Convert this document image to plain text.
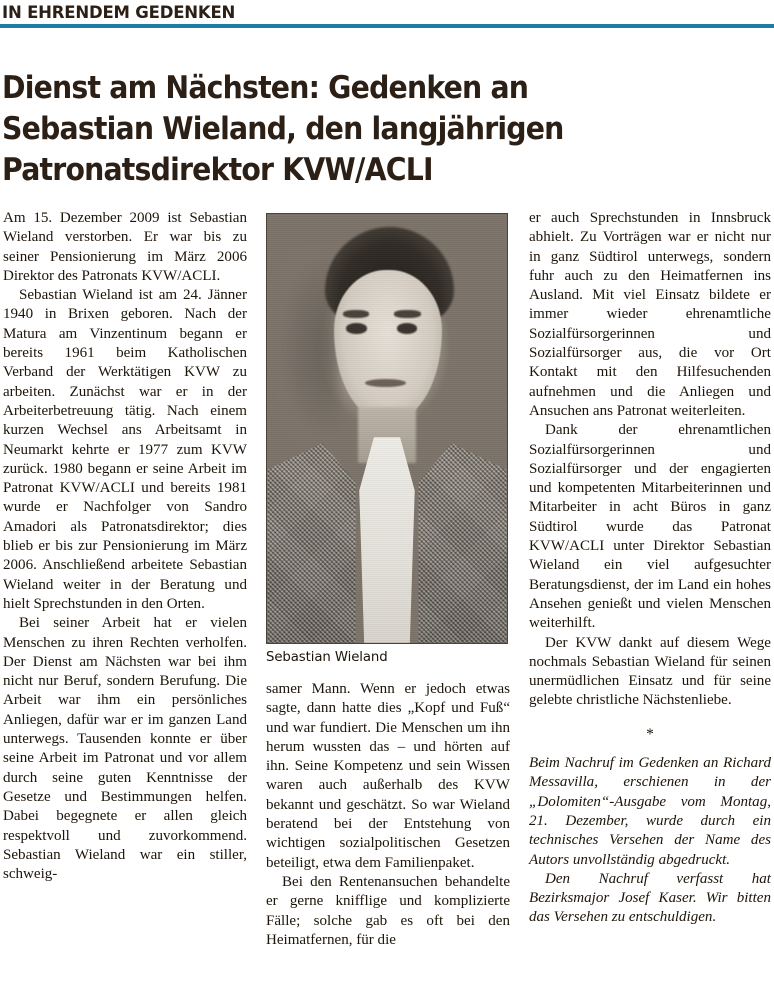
IN EHRENDEM GEDENKEN
Dienst am Nächsten: Gedenken an
Sebastian Wieland, den langjährigen
Patronatsdirektor KVW/ACLI

Am 15. Dezember 2009 ist Sebastian Wieland verstorben. Er war bis zu seiner Pensionierung im März 2006 Direktor des Patronats KVW/ACLI.

Sebastian Wieland ist am 24. Jänner 1940 in Brixen geboren. Nach der Matura am Vinzentinum begann er bereits 1961 beim Katholischen Verband der Werktätigen KVW zu arbeiten. Zunächst war er in der Arbeiterbetreuung tätig. Nach einem kurzen Wechsel ans Arbeitsamt in Neumarkt kehrte er 1977 zum KVW zurück. 1980 begann er seine Arbeit im Patronat KVW/ACLI und bereits 1981 wurde er Nachfolger von Sandro Amadori als Patronatsdirektor; dies blieb er bis zur Pensionierung im März 2006. Anschließend arbeitete Sebastian Wieland weiter in der Beratung und hielt Sprechstunden in den Orten.

Bei seiner Arbeit hat er vielen Menschen zu ihren Rechten verholfen. Der Dienst am Nächsten war bei ihm nicht nur Beruf, sondern Berufung. Die Arbeit war ihm ein persönliches Anliegen, dafür war er im ganzen Land unterwegs. Tausenden konnte er über seine Arbeit im Patronat und vor allem durch seine guten Kenntnisse der Gesetze und Bestimmungen helfen. Dabei begegnete er allen gleich respektvoll und zuvorkommend. Sebastian Wieland war ein stiller, schweig-

er auch Sprechstunden in Innsbruck abhielt. Zu Vorträgen war er nicht nur in ganz Südtirol unterwegs, sondern fuhr auch zu den Heimatfernen ins Ausland. Mit viel Einsatz bildete er immer wieder ehrenamtliche Sozialfürsorgerinnen und Sozialfürsorger aus, die vor Ort Kontakt mit den Hilfesuchenden aufnehmen und die Anliegen und Ansuchen ans Patronat weiterleiten.

Dank der ehrenamtlichen Sozialfürsorgerinnen und Sozialfürsorger und der engagierten und kompetenten Mitarbeiterinnen und Mitarbeiter in acht Büros in ganz Südtirol wurde das Patronat KVW/ACLI unter Direktor Sebastian Wieland ein viel aufgesuchter Beratungsdienst, der im Land ein hohes Ansehen genießt und vielen Menschen weiterhilft.

Der KVW dankt auf diesem Wege nochmals Sebastian Wieland für seinen unermüdlichen Einsatz und für seine gelebte christliche Nächstenliebe.

*

Beim Nachruf im Gedenken an Richard Messavilla, erschienen in der „Dolomiten“-Ausgabe vom Montag, 21. Dezember, wurde durch ein technisches Versehen der Name des Autors unvollständig abgedruckt.

Den Nachruf verfasst hat Bezirksmajor Josef Kaser. Wir bitten das Versehen zu entschuldigen.

Sebastian Wieland

samer Mann. Wenn er jedoch etwas sagte, dann hatte dies „Kopf und Fuß“ und war fundiert. Die Menschen um ihn herum wussten das – und hörten auf ihn. Seine Kompetenz und sein Wissen waren auch außerhalb des KVW bekannt und geschätzt. So war Wieland beratend bei der Entstehung von wichtigen sozialpolitischen Gesetzen beteiligt, etwa dem Familienpaket.

Bei den Rentenansuchen behandelte er gerne knifflige und komplizierte Fälle; solche gab es oft bei den Heimatfernen, für die
